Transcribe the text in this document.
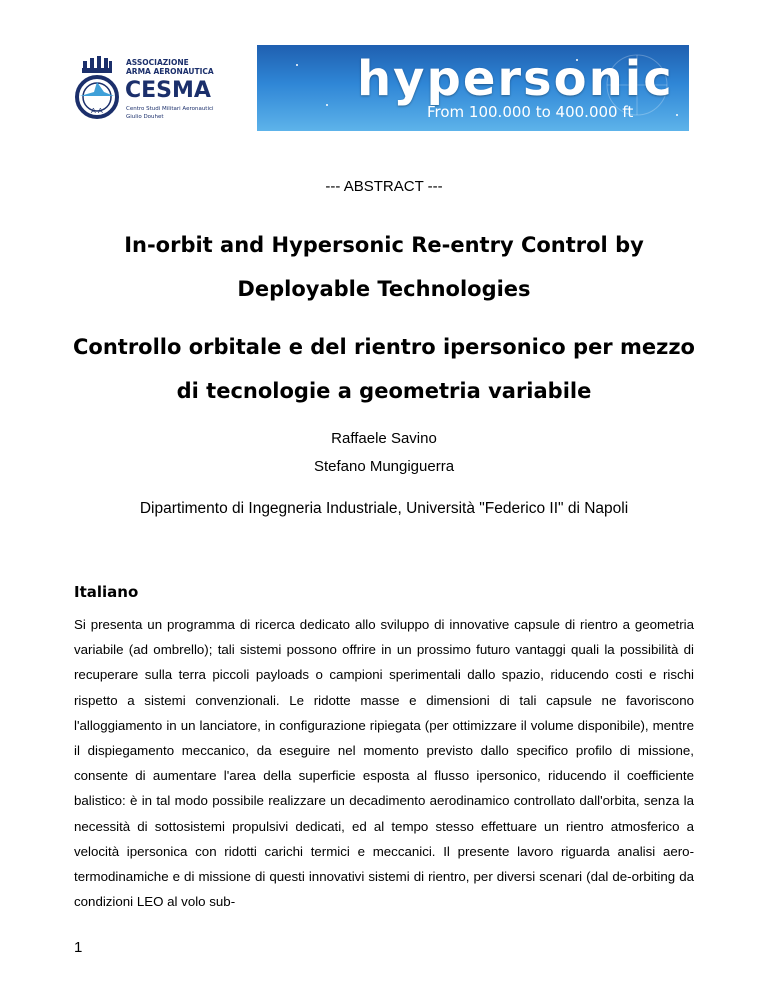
A A
ASSOCIAZIONE
ARMA AERONAUTICA
CESMA
Centro Studi Militari Aeronautici
Giulio Douhet
hypersonic
From 100.000 to 400.000 ft
--- ABSTRACT ---
In-orbit and Hypersonic Re-entry Control by
Deployable Technologies
Controllo orbitale e del rientro ipersonico per mezzo
di tecnologie a geometria variabile
Raffaele Savino
Stefano Mungiguerra
Dipartimento di Ingegneria Industriale, Università "Federico II" di Napoli
Italiano

Si presenta un programma di ricerca dedicato allo sviluppo di innovative capsule di rientro a geometria variabile (ad ombrello); tali sistemi possono offrire in un prossimo futuro vantaggi quali la possibilità di recuperare sulla terra piccoli payloads o campioni sperimentali dallo spazio, riducendo costi e rischi rispetto a sistemi convenzionali. Le ridotte masse e dimensioni di tali capsule ne favoriscono l'alloggiamento in un lanciatore, in configurazione ripiegata (per ottimizzare il volume disponibile), mentre il dispiegamento meccanico, da eseguire nel momento previsto dallo specifico profilo di missione, consente di aumentare l'area della superficie esposta al flusso ipersonico, riducendo il coefficiente balistico: è in tal modo possibile realizzare un decadimento aerodinamico controllato dall'orbita, senza la necessità di sottosistemi propulsivi dedicati, ed al tempo stesso effettuare un rientro atmosferico a velocità ipersonica con ridotti carichi termici e meccanici. Il presente lavoro riguarda analisi aero-termodinamiche e di missione di questi innovativi sistemi di rientro, per diversi scenari (dal de-orbiting da condizioni LEO al volo sub-

1
